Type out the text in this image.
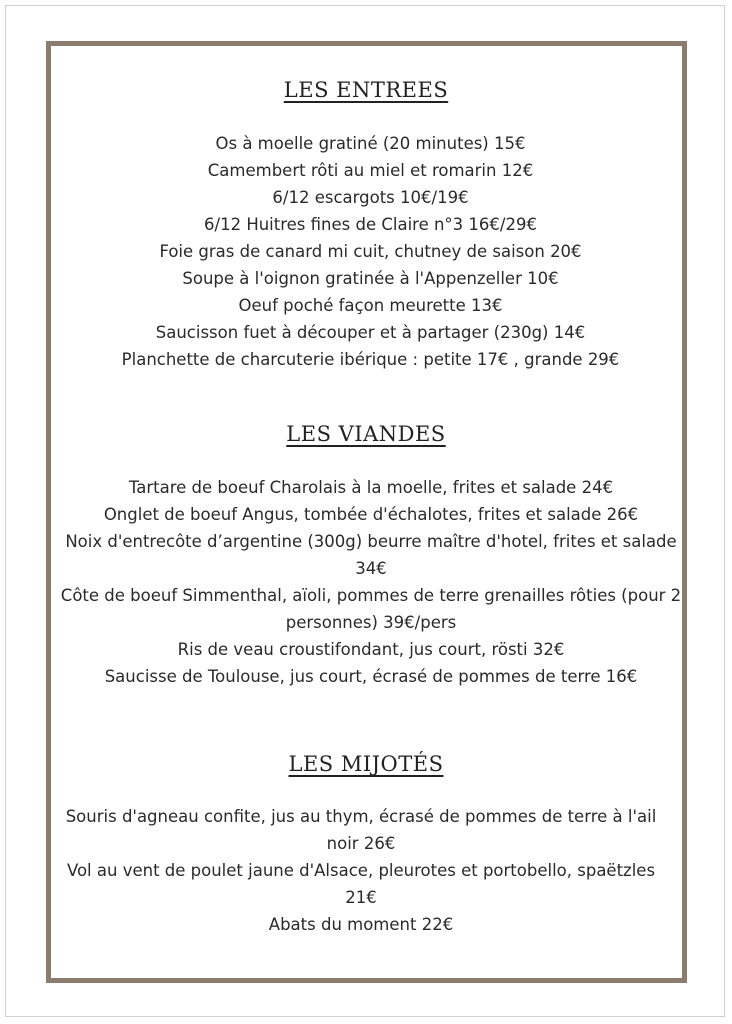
LES ENTREES
Os à moelle gratiné (20 minutes) 15€
Camembert rôti au miel et romarin 12€
6/12 escargots 10€/19€
6/12 Huitres fines de Claire n°3 16€/29€
Foie gras de canard mi cuit, chutney de saison 20€
Soupe à l'oignon gratinée à l'Appenzeller 10€
Oeuf poché façon meurette 13€
Saucisson fuet à découper et à partager (230g) 14€
Planchette de charcuterie ibérique : petite 17€ , grande 29€
LES VIANDES
Tartare de boeuf Charolais à la moelle, frites et salade 24€
Onglet de boeuf Angus, tombée d'échalotes, frites et salade 26€
Noix d'entrecôte d’argentine (300g) beurre maître d'hotel, frites et salade 34€
Côte de boeuf Simmenthal, aïoli, pommes de terre grenailles rôties (pour 2 personnes) 39€/pers
Ris de veau croustifondant, jus court, rösti 32€
Saucisse de Toulouse, jus court, écrasé de pommes de terre 16€
LES MIJOTÉS
Souris d'agneau confite, jus au thym, écrasé de pommes de terre à l'ail noir 26€
Vol au vent de poulet jaune d'Alsace, pleurotes et portobello, spaëtzles 21€
Abats du moment 22€
